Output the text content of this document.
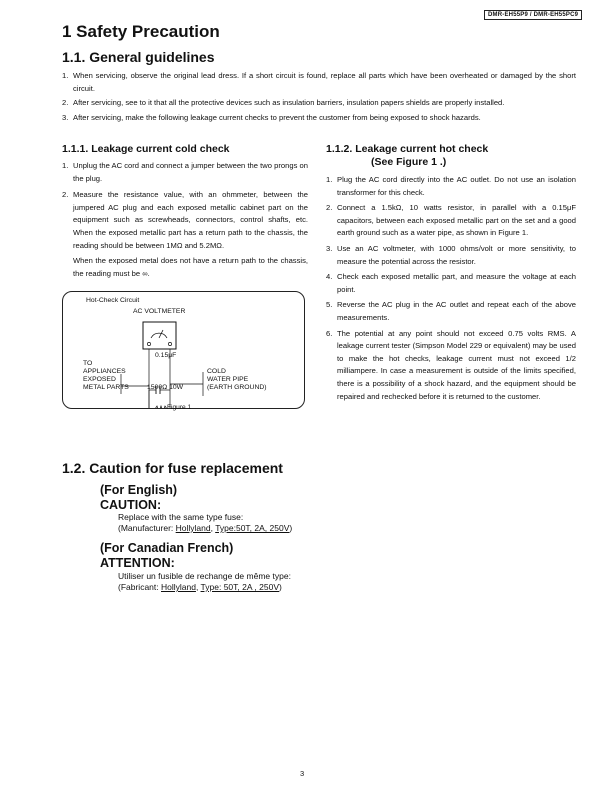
DMR-EH55P9 / DMR-EH55PC9
1 Safety Precaution
1.1. General guidelines
1. When servicing, observe the original lead dress. If a short circuit is found, replace all parts which have been overheated or damaged by the short circuit.
2. After servicing, see to it that all the protective devices such as insulation barriers, insulation papers shields are properly installed.
3. After servicing, make the following leakage current checks to prevent the customer from being exposed to shock hazards.
1.1.1. Leakage current cold check
1. Unplug the AC cord and connect a jumper between the two prongs on the plug.
2. Measure the resistance value, with an ohmmeter, between the jumpered AC plug and each exposed metallic cabinet part on the equipment such as screwheads, connectors, control shafts, etc. When the exposed metallic part has a return path to the chassis, the reading should be between 1MΩ and 5.2MΩ.
When the exposed metal does not have a return path to the chassis, the reading must be ∞.
Hot-Check Circuit
AC VOLTMETER
0.15μF
TO
APPLIANCES
EXPOSED
METAL PARTS	1500Ω 10W
COLD
WATER PIPE
(EARTH GROUND)
Figure 1
1.1.2. Leakage current hot check
(See Figure 1 .)
1. Plug the AC cord directly into the AC outlet. Do not use an isolation transformer for this check.
2. Connect a 1.5kΩ, 10 watts resistor, in parallel with a 0.15μF capacitors, between each exposed metallic part on the set and a good earth ground such as a water pipe, as shown in Figure 1.
3. Use an AC voltmeter, with 1000 ohms/volt or more sensitivity, to measure the potential across the resistor.
4. Check each exposed metallic part, and measure the voltage at each point.
5. Reverse the AC plug in the AC outlet and repeat each of the above measurements.
6. The potential at any point should not exceed 0.75 volts RMS. A leakage current tester (Simpson Model 229 or equivalent) may be used to make the hot checks, leakage current must not exceed 1/2 milliampere. In case a measurement is outside of the limits specified, there is a possibility of a shock hazard, and the equipment should be repaired and rechecked before it is returned to the customer.
1.2. Caution for fuse replacement
(For English)
CAUTION:
Replace with the same type fuse:
(Manufacturer: Hollyland, Type:50T, 2A, 250V)
(For Canadian French)
ATTENTION:
Utiliser un fusible de rechange de même type:
(Fabricant: Hollyland, Type: 50T, 2A , 250V)
3
